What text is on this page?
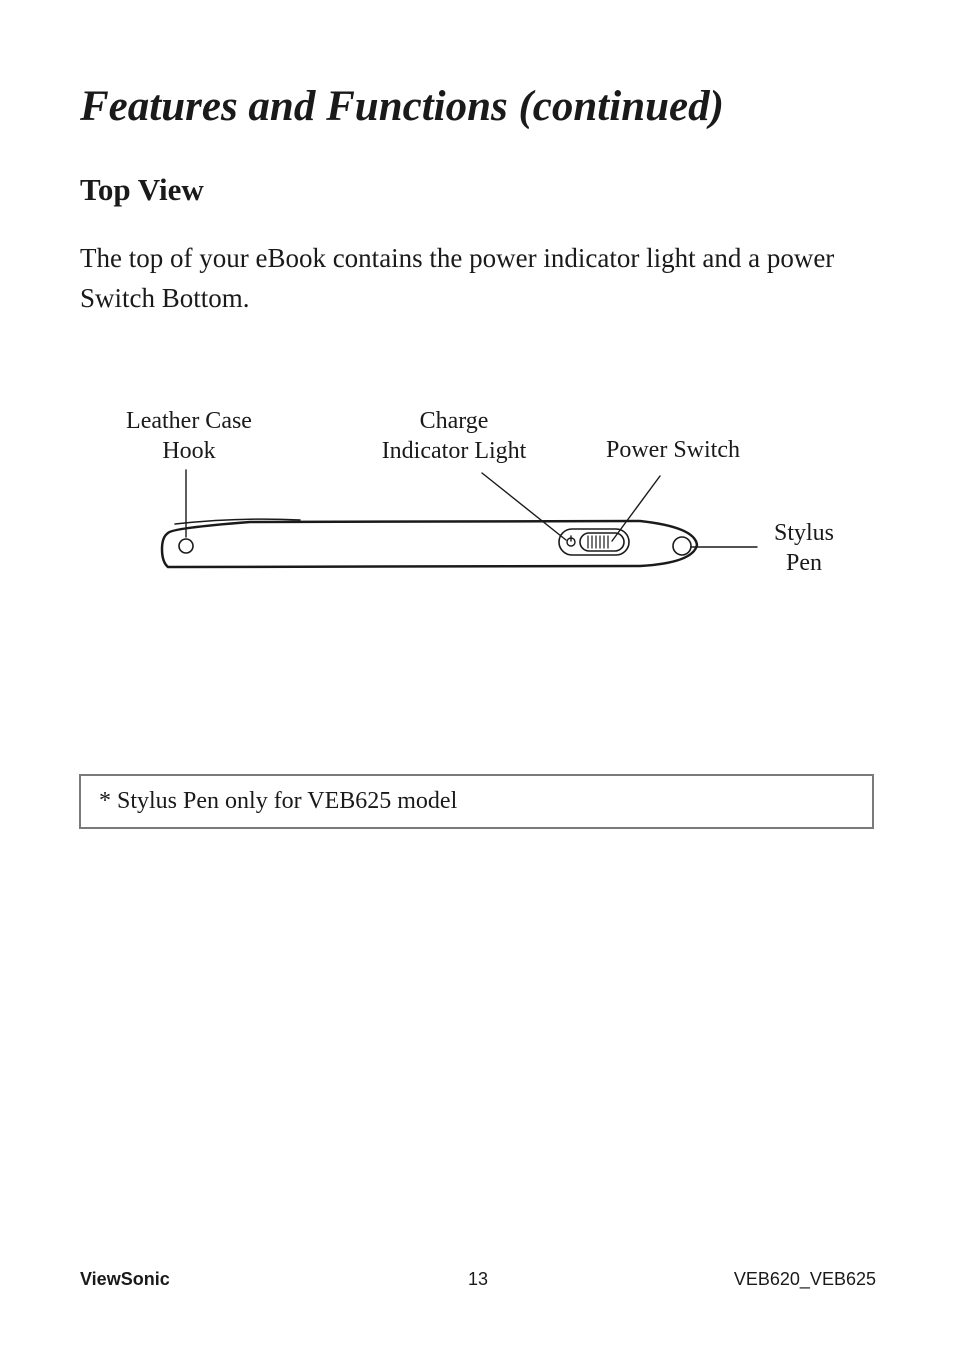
Features and Functions (continued)
Top View

The top of your eBook contains the power indicator light and a power Switch Bottom.

Leather Case
Hook
Charge
Indicator Light	Power Switch
Stylus
Pen
* Stylus Pen only for VEB625 model
ViewSonic	13	VEB620_VEB625
